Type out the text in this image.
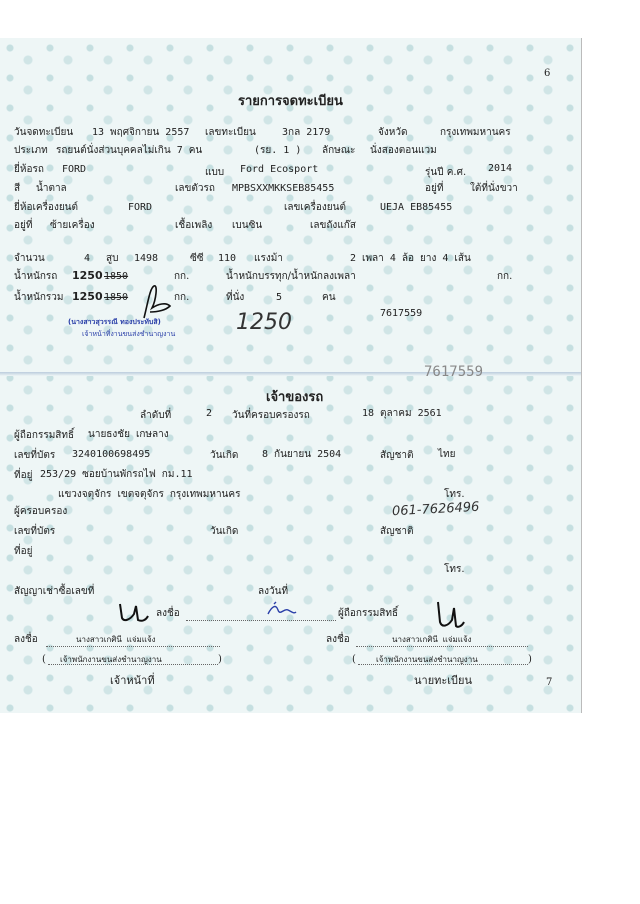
6
รายการจดทะเบียน
วันจดทะเบียน 13 พฤศจิกายน 2557 เลขทะเบียน	3กล 2179	จังหวัด	กรุงเทพมหานคร
ประเภท รถยนต์นั่งส่วนบุคคลไม่เกิน 7 คน	(รย. 1 ) ลักษณะ นั่งสองตอนแวม
ยี่ห้อรถ FORD	แบบ Ford Ecosport	รุ่นปี ค.ศ. 2014
สี น้ำตาล	เลขตัวรถ MPBSXXMKKSEB85455	อยู่ที่	ใต้ที่นั่งขวา
ยี่ห้อเครื่องยนต์	FORD	เลขเครื่องยนต์	UEJA EB85455
อยู่ที่ ซ้ายเครื่อง	เชื้อเพลิง เบนซิน	เลขถังแก๊ส
จำนวน	4 สูบ 1498	ซีซี 110 แรงม้า	2 เพลา 4 ล้อ ยาง 4 เส้น
น้ำหนักรถ 1250 1850	กก.	น้ำหนักบรรทุก/น้ำหนักลงเพลา	กก.
น้ำหนักรวม 1250 1850	กก.	ที่นั่ง	5	คน
(นางสาวสุวรรณี ทองประทับสิ)
เจ้าหน้าที่งานขนส่งชำนาญงาน	1250	7617559
7617559
เจ้าของรถ
ลำดับที่	2 วันที่ครอบครองรถ	18 ตุลาคม 2561
ผู้ถือกรรมสิทธิ์ นายธงชัย เกษลาง
เลขที่บัตร 3240100698495	วันเกิด 8 กันยายน 2504	สัญชาติ ไทย
ที่อยู่ 253/29 ซอยบ้านพักรถไฟ กม.11
แขวงจตุจักร เขตจตุจักร กรุงเทพมหานคร	โทร.
061-7626496
ผู้ครอบครอง
เลขที่บัตร	วันเกิด	สัญชาติ
ที่อยู่
โทร.
สัญญาเช่าซื้อเลขที่	ลงวันที่
ลงชื่อ	ผู้ถือกรรมสิทธิ์
ลงชื่อ	นางสาวเกศินี แจ่มแจ้ง	ลงชื่อ	นางสาวเกศินี แจ่มแจ้ง
( เจ้าพนักงานขนส่งชำนาญงาน	)	(	เจ้าพนักงานขนส่งชำนาญงาน	)
เจ้าหน้าที่	นายทะเบียน	7
